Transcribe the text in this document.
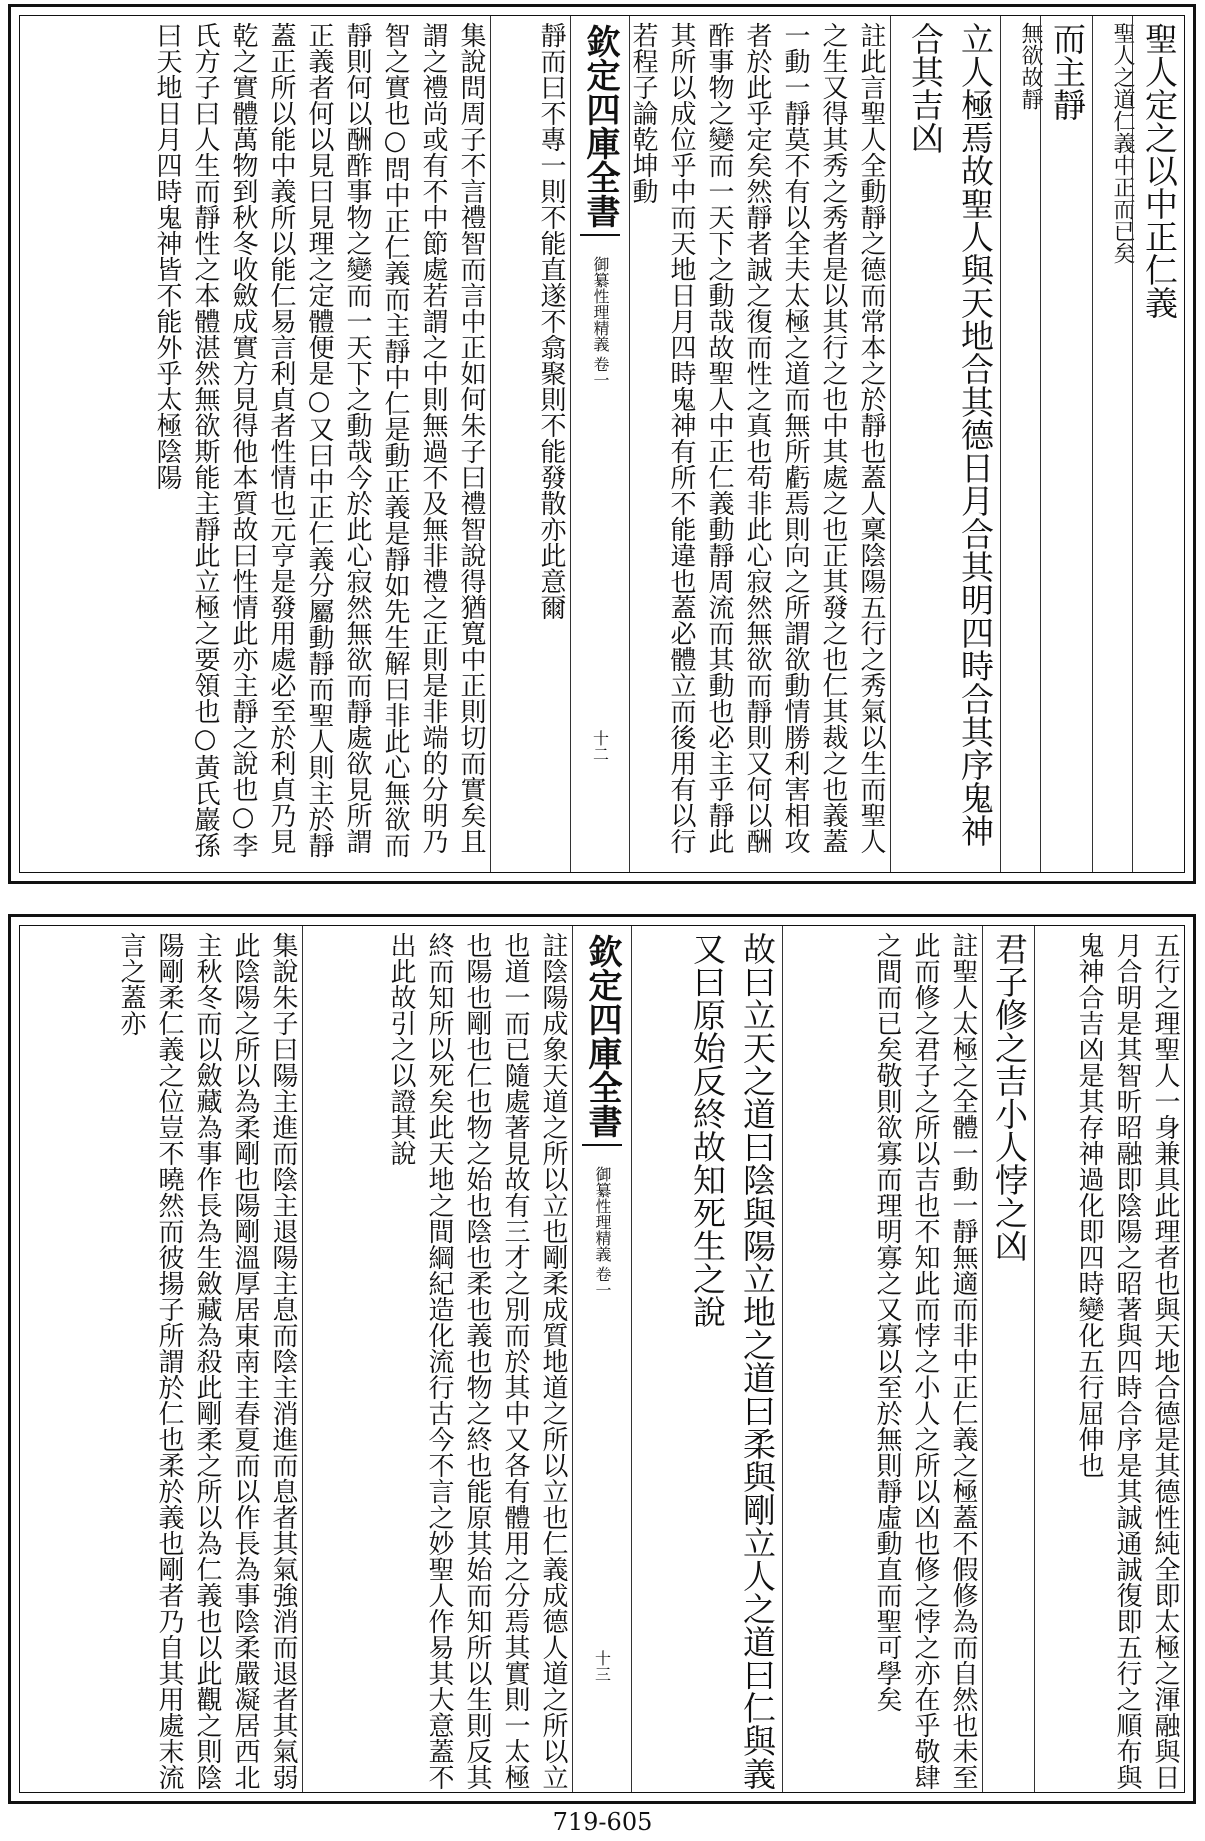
聖人定之以中正仁義
聖人之道仁義中正而已矣
而主靜
無欲故靜
立人極焉故聖人與天地合其德日月合其明四時合其序鬼神合其吉凶
註此言聖人全動靜之德而常本之於靜也蓋人稟陰陽五行之秀氣以生而聖人之生又得其秀之秀者是以其行之也中其處之也正其發之也仁其裁之也義蓋一動一靜莫不有以全夫太極之道而無所虧焉則向之所謂欲動情勝利害相攻者於此乎定矣然靜者誠之復而性之真也苟非此心寂然無欲而靜則又何以酬酢事物之變而一天下之動哉故聖人中正仁義動靜周流而其動也必主乎靜此其所以成位乎中而天地日月四時鬼神有所不能違也蓋必體立而後用有以行若程子論乾坤動
欽定四庫全書
御纂性理精義
卷一
十二
靜而曰不專一則不能直遂不翕聚則不能發散亦此意爾
集說問周子不言禮智而言中正如何朱子曰禮智說得猶寬中正則切而實矣且謂之禮尚或有不中節處若謂之中則無過不及無非禮之正則是非端的分明乃智之實也○問中正仁義而主靜中仁是動正義是靜如先生解曰非此心無欲而靜則何以酬酢事物之變而一天下之動哉今於此心寂然無欲而靜處欲見所謂正義者何以見曰見理之定體便是○又曰中正仁義分屬動靜而聖人則主於靜蓋正所以能中義所以能仁易言利貞者性情也元亨是發用處必至於利貞乃見乾之實體萬物到秋冬收斂成實方見得他本質故曰性情此亦主靜之說也○李氏方子曰人生而靜性之本體湛然無欲斯能主靜此立極之要領也○黃氏巖孫曰天地日月四時鬼神皆不能外乎太極陰陽
五行之理聖人一身兼具此理者也與天地合德是其德性純全即太極之渾融與日月合明是其智昕昭融即陰陽之昭著與四時合序是其誠通誠復即五行之順布與鬼神合吉凶是其存神過化即四時變化五行屈伸也
君子修之吉小人悖之凶
註聖人太極之全體一動一靜無適而非中正仁義之極蓋不假修為而自然也未至此而修之君子之所以吉也不知此而悖之小人之所以凶也修之悖之亦在乎敬肆之間而已矣敬則欲寡而理明寡之又寡以至於無則靜虛動直而聖可學矣
故曰立天之道曰陰與陽立地之道曰柔與剛立人之道曰仁與義又曰原始反終故知死生之說
欽定四庫全書
御纂性理精義
卷一
十三
註陰陽成象天道之所以立也剛柔成質地道之所以立也仁義成德人道之所以立也道一而已隨處著見故有三才之別而於其中又各有體用之分焉其實則一太極也陽也剛也仁也物之始也陰也柔也義也物之終也能原其始而知所以生則反其終而知所以死矣此天地之間綱紀造化流行古今不言之妙聖人作易其大意蓋不出此故引之以證其說
集說朱子曰陽主進而陰主退陽主息而陰主消進而息者其氣強消而退者其氣弱此陰陽之所以為柔剛也陽剛溫厚居東南主春夏而以作長為事陰柔嚴凝居西北主秋冬而以斂藏為事作長為生斂藏為殺此剛柔之所以為仁義也以此觀之則陰陽剛柔仁義之位豈不曉然而彼揚子所謂於仁也柔於義也剛者乃自其用處末流言之蓋亦
719-605
